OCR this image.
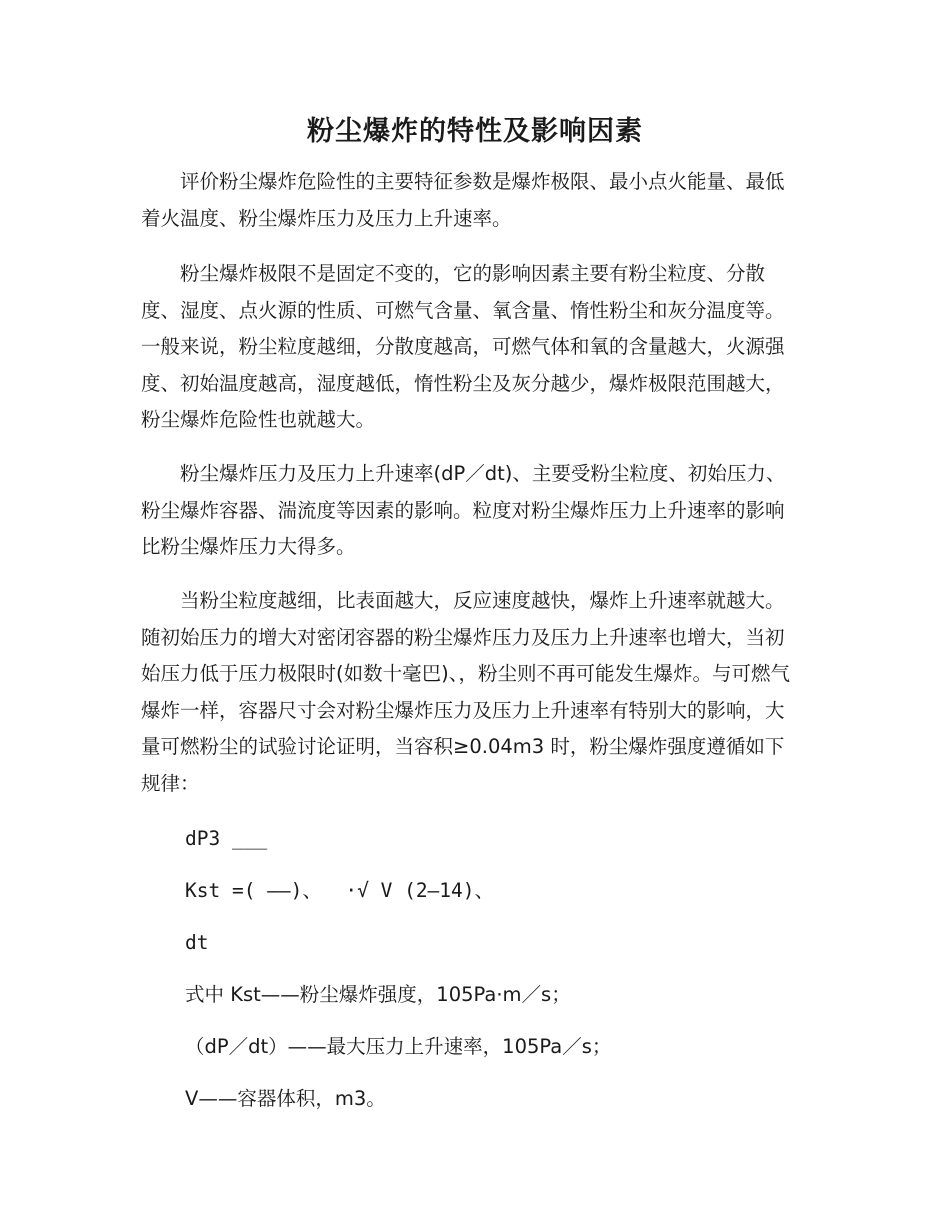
粉尘爆炸的特性及影响因素

评价粉尘爆炸危险性的主要特征参数是爆炸极限、最小点火能量、最低着火温度、粉尘爆炸压力及压力上升速率。

粉尘爆炸极限不是固定不变的，它的影响因素主要有粉尘粒度、分散度、湿度、点火源的性质、可燃气含量、氧含量、惰性粉尘和灰分温度等。一般来说，粉尘粒度越细，分散度越高，可燃气体和氧的含量越大，火源强度、初始温度越高，湿度越低，惰性粉尘及灰分越少，爆炸极限范围越大，粉尘爆炸危险性也就越大。

粉尘爆炸压力及压力上升速率(dP／dt)、主要受粉尘粒度、初始压力、粉尘爆炸容器、湍流度等因素的影响。粒度对粉尘爆炸压力上升速率的影响比粉尘爆炸压力大得多。

当粉尘粒度越细，比表面越大，反应速度越快，爆炸上升速率就越大。随初始压力的增大对密闭容器的粉尘爆炸压力及压力上升速率也增大，当初始压力低于压力极限时(如数十毫巴)、，粉尘则不再可能发生爆炸。与可燃气爆炸一样，容器尺寸会对粉尘爆炸压力及压力上升速率有特别大的影响，大量可燃粉尘的试验讨论证明，当容积≥0.04m3 时，粉尘爆炸强度遵循如下规律：

dP3 ___
Kst =( ——)、  ·√ V (2—14)、
dt
式中 Kst——粉尘爆炸强度，105Pa·m／s；
（dP／dt）——最大压力上升速率，105Pa／s；
V——容器体积，m3。
